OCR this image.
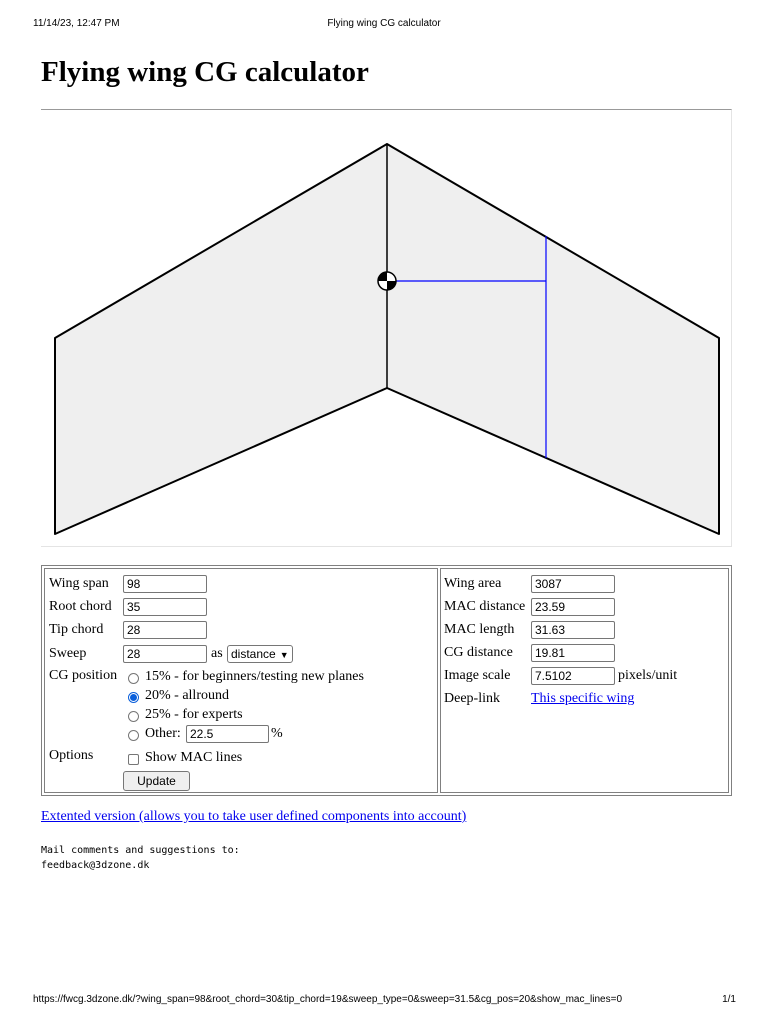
11/14/23, 12:47 PM	Flying wing CG calculator
Flying wing CG calculator
Wing span	98
Root chord	35
Tip chord	28
Sweep	28	as distance ▼
CG position 15% - for beginners/testing new planes
20% - allround
25% - for experts
Other: 22.5	%
Options	Show MAC lines
Update
Wing area	3087
MAC distance 23.59
MAC length	31.63
CG distance	19.81
Image scale	7.5102	pixels/unit
Deep-link This specific wing
Extented version (allows you to take user defined components into account)
Mail comments and suggestions to:
feedback@3dzone.dk
https://fwcg.3dzone.dk/?wing_span=98&root_chord=30&tip_chord=19&sweep_type=0&sweep=31.5&cg_pos=20&show_mac_lines=0	1/1
